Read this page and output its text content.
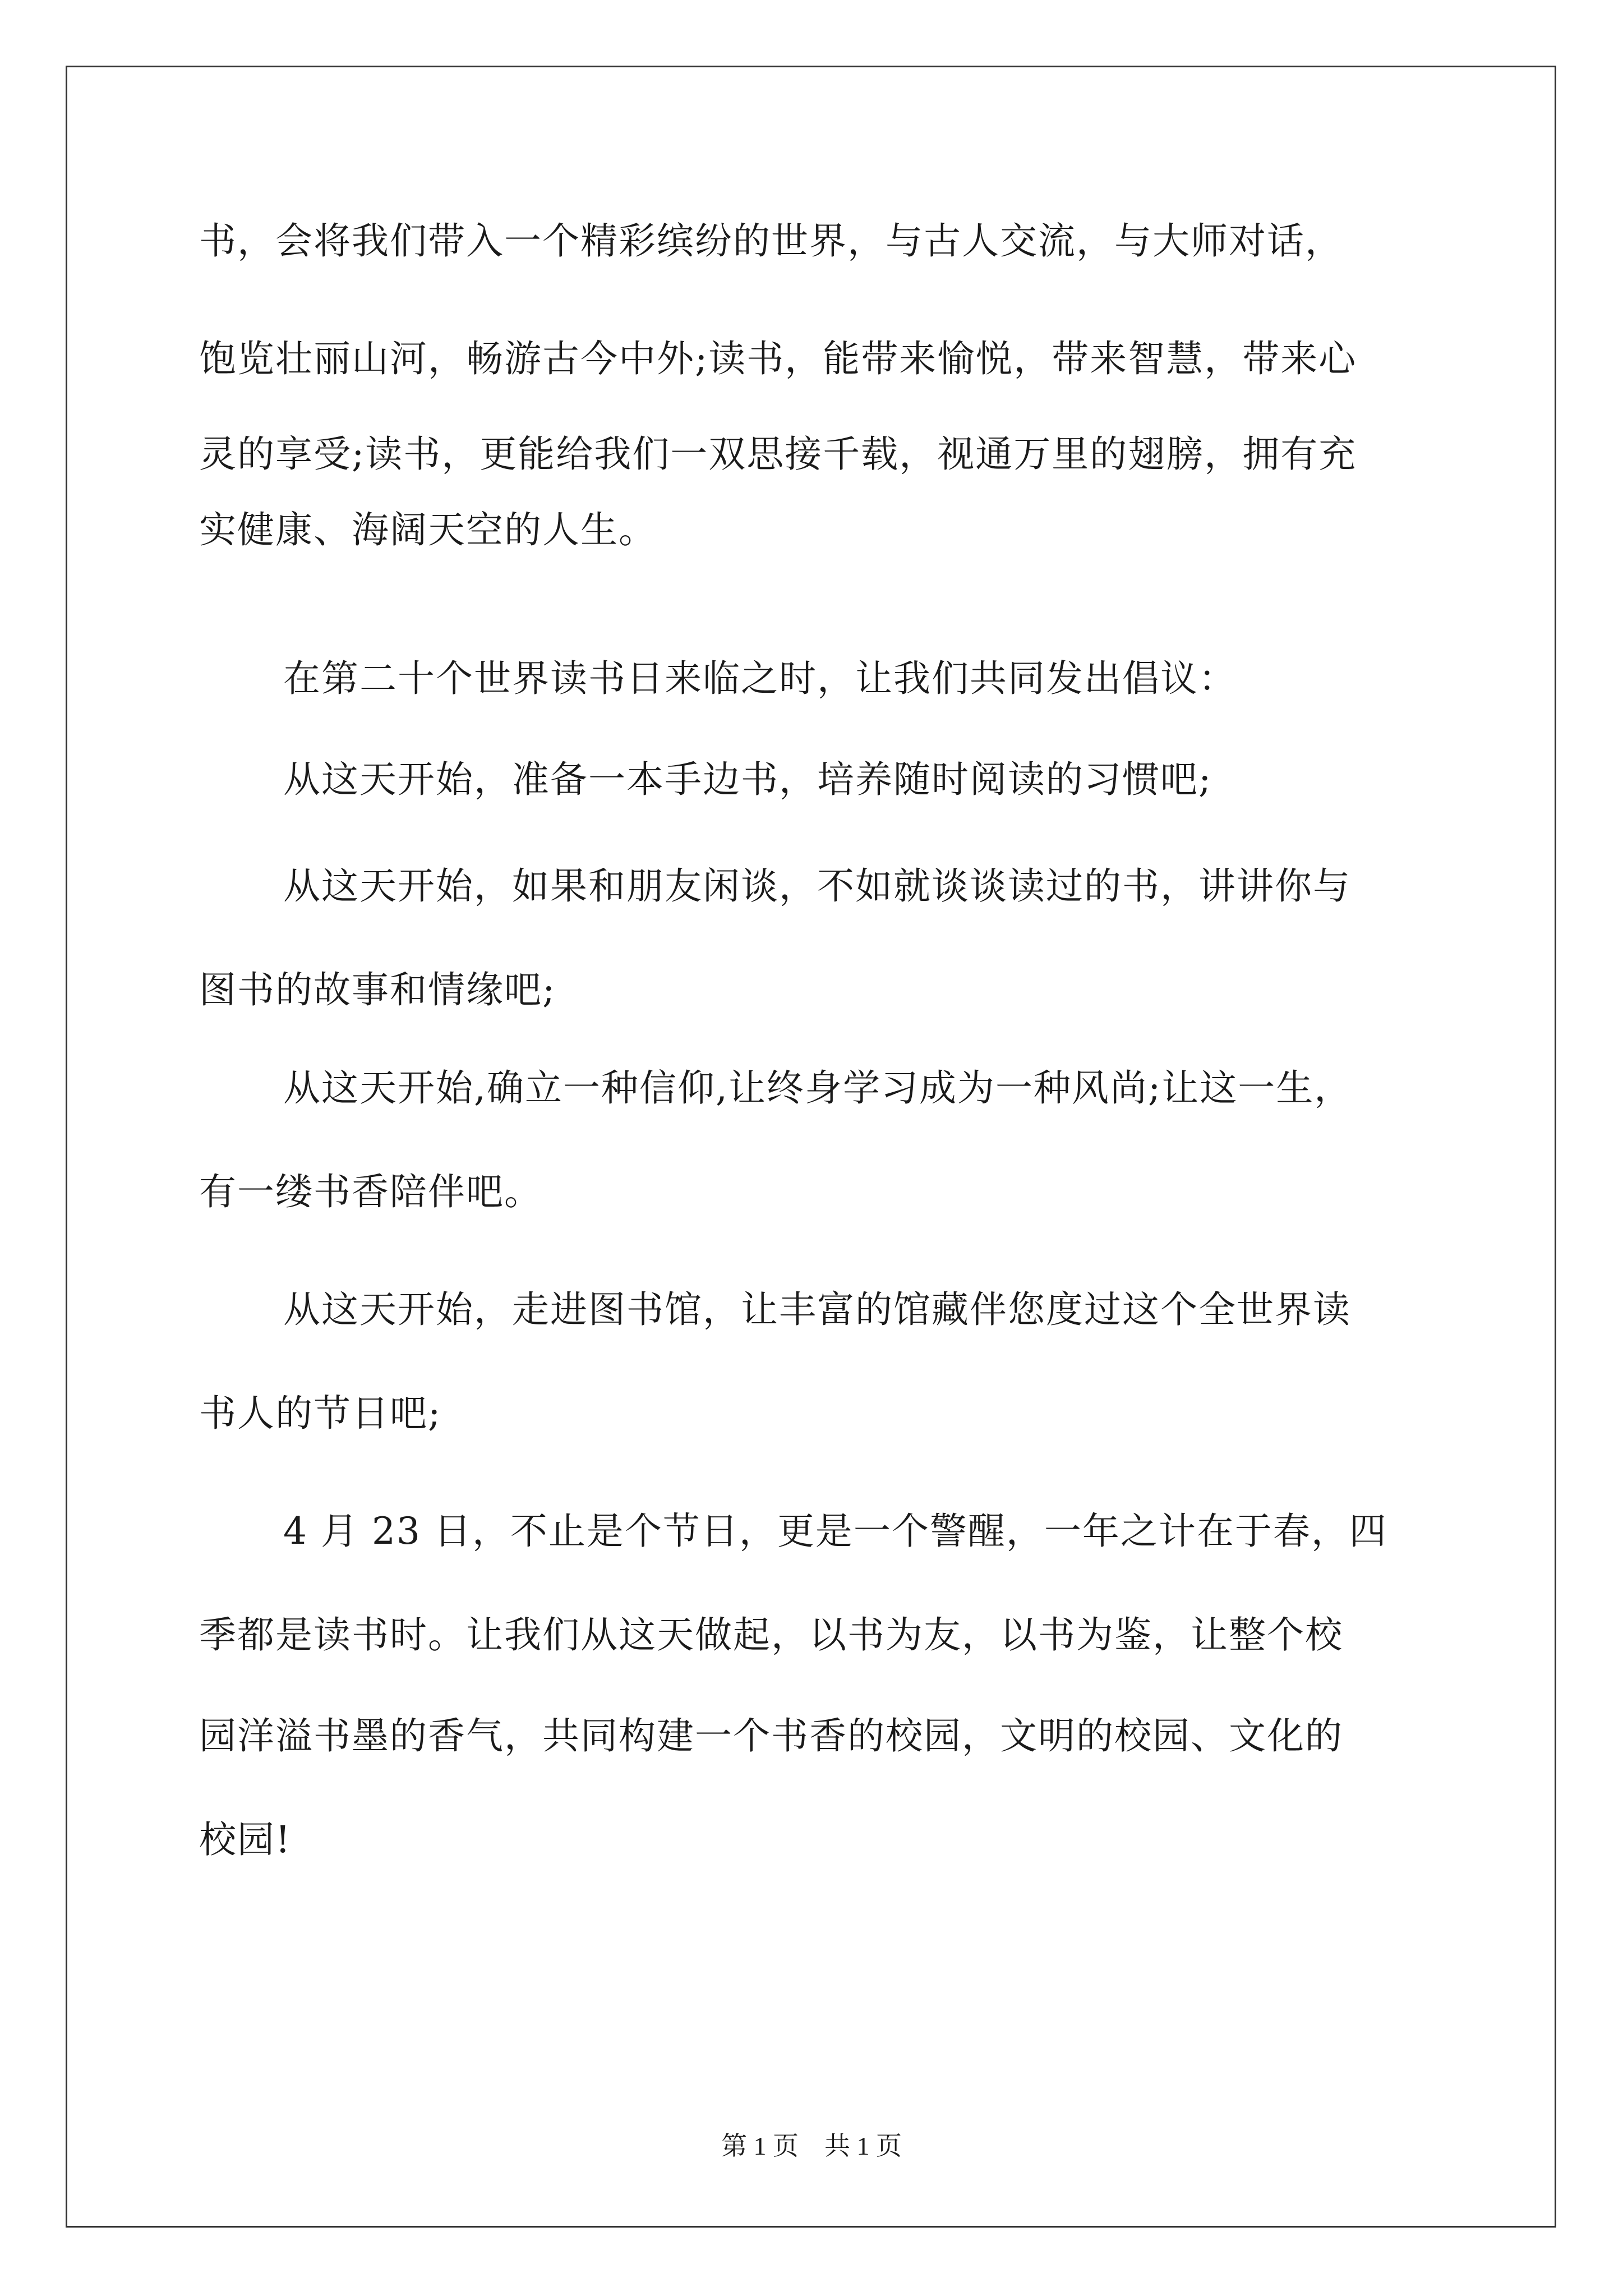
书，会将我们带入一个精彩缤纷的世界，与古人交流，与大师对话，
饱览壮丽山河，畅游古今中外;读书，能带来愉悦，带来智慧，带来心
灵的享受;读书，更能给我们一双思接千载，视通万里的翅膀，拥有充
实健康、海阔天空的人生。
在第二十个世界读书日来临之时，让我们共同发出倡议：
从这天开始，准备一本手边书，培养随时阅读的习惯吧;
从这天开始，如果和朋友闲谈，不如就谈谈读过的书，讲讲你与
图书的故事和情缘吧;
从这天开始,确立一种信仰,让终身学习成为一种风尚;让这一生，
有一缕书香陪伴吧。
从这天开始，走进图书馆，让丰富的馆藏伴您度过这个全世界读
书人的节日吧;
4 月 23 日，不止是个节日，更是一个警醒，一年之计在于春，四
季都是读书时。让我们从这天做起，以书为友，以书为鉴，让整个校
园洋溢书墨的香气，共同构建一个书香的校园，文明的校园、文化的
校园!
第 1 页　共 1 页
